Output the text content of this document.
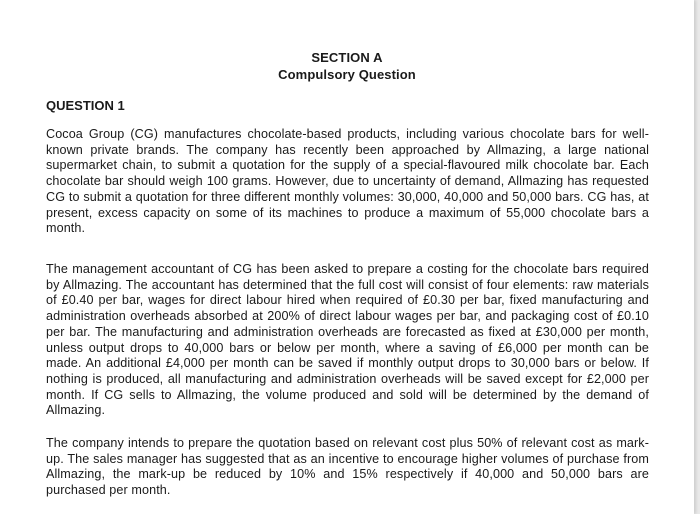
SECTION A
Compulsory Question
QUESTION 1

Cocoa Group (CG) manufactures chocolate-based products, including various chocolate bars for well-known private brands. The company has recently been approached by Allmazing, a large national supermarket chain, to submit a quotation for the supply of a special-flavoured milk chocolate bar. Each chocolate bar should weigh 100 grams. However, due to uncertainty of demand, Allmazing has requested CG to submit a quotation for three different monthly volumes: 30,000, 40,000 and 50,000 bars. CG has, at present, excess capacity on some of its machines to produce a maximum of 55,000 chocolate bars a month.

The management accountant of CG has been asked to prepare a costing for the chocolate bars required by Allmazing. The accountant has determined that the full cost will consist of four elements: raw materials of £0.40 per bar, wages for direct labour hired when required of £0.30 per bar, fixed manufacturing and administration overheads absorbed at 200% of direct labour wages per bar, and packaging cost of £0.10 per bar. The manufacturing and administration overheads are forecasted as fixed at £30,000 per month, unless output drops to 40,000 bars or below per month, where a saving of £6,000 per month can be made. An additional £4,000 per month can be saved if monthly output drops to 30,000 bars or below. If nothing is produced, all manufacturing and administration overheads will be saved except for £2,000 per month. If CG sells to Allmazing, the volume produced and sold will be determined by the demand of Allmazing.

The company intends to prepare the quotation based on relevant cost plus 50% of relevant cost as mark-up. The sales manager has suggested that as an incentive to encourage higher volumes of purchase from Allmazing, the mark-up be reduced by 10% and 15% respectively if 40,000 and 50,000 bars are purchased per month.
